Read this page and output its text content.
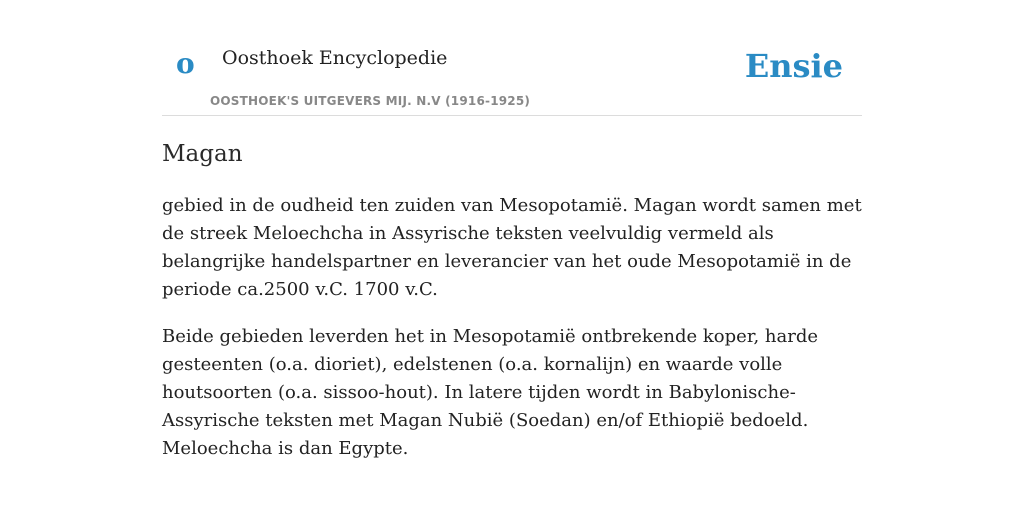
o Oosthoek Encyclopedie
OOSTHOEK'S UITGEVERS MIJ. N.V (1916-1925)
Ensie
Magan

gebied in de oudheid ten zuiden van Mesopotamië. Magan wordt samen met de streek Meloechcha in Assyrische teksten veelvuldig vermeld als belangrijke handelspartner en leverancier van het oude Mesopotamië in de periode ca.2500 v.C. 1700 v.C.

Beide gebieden leverden het in Mesopotamië ontbrekende koper, harde gesteenten (o.a. dioriet), edelstenen (o.a. kornalijn) en waarde volle houtsoorten (o.a. sissoo-hout). In latere tijden wordt in Babylonische-Assyrische teksten met Magan Nubië (Soedan) en/of Ethiopië bedoeld. Meloechcha is dan Egypte.
